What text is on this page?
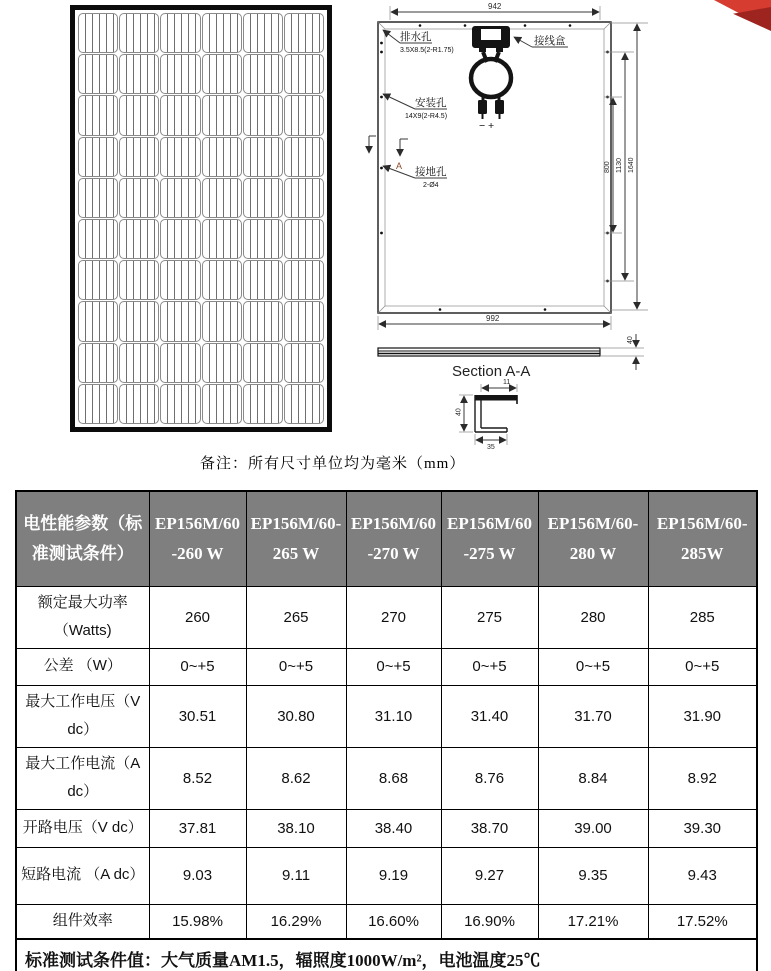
942
− +
接线盒
排水孔
3.5X8.5(2-R1.75)
安装孔
14X9(2-R4.5)
A 接地孔
2-Ø4
800 1130 1640
992
40
Section A-A
11
40
35
备注：所有尺寸单位均为毫米（mm）
电性能参数（标准测试条件）	EP156M/60-260 W	EP156M/60-265 W	EP156M/60-270 W	EP156M/60-275 W	EP156M/60-280 W	EP156M/60-285W
额定最大功率（Watts)	260	265	270	275	280	285
公差 （W）	0~+5	0~+5	0~+5	0~+5	0~+5	0~+5
最大工作电压（V dc）	30.51	30.80	31.10	31.40	31.70	31.90
最大工作电流（A dc）	8.52	8.62	8.68	8.76	8.84	8.92
开路电压（V dc）	37.81	38.10	38.40	38.70	39.00	39.30
短路电流 （A dc）	9.03	9.11	9.19	9.27	9.35	9.43
组件效率	15.98%	16.29%	16.60%	16.90%	17.21%	17.52%
标准测试条件值：大气质量AM1.5，辐照度1000W/m²，电池温度25℃						
